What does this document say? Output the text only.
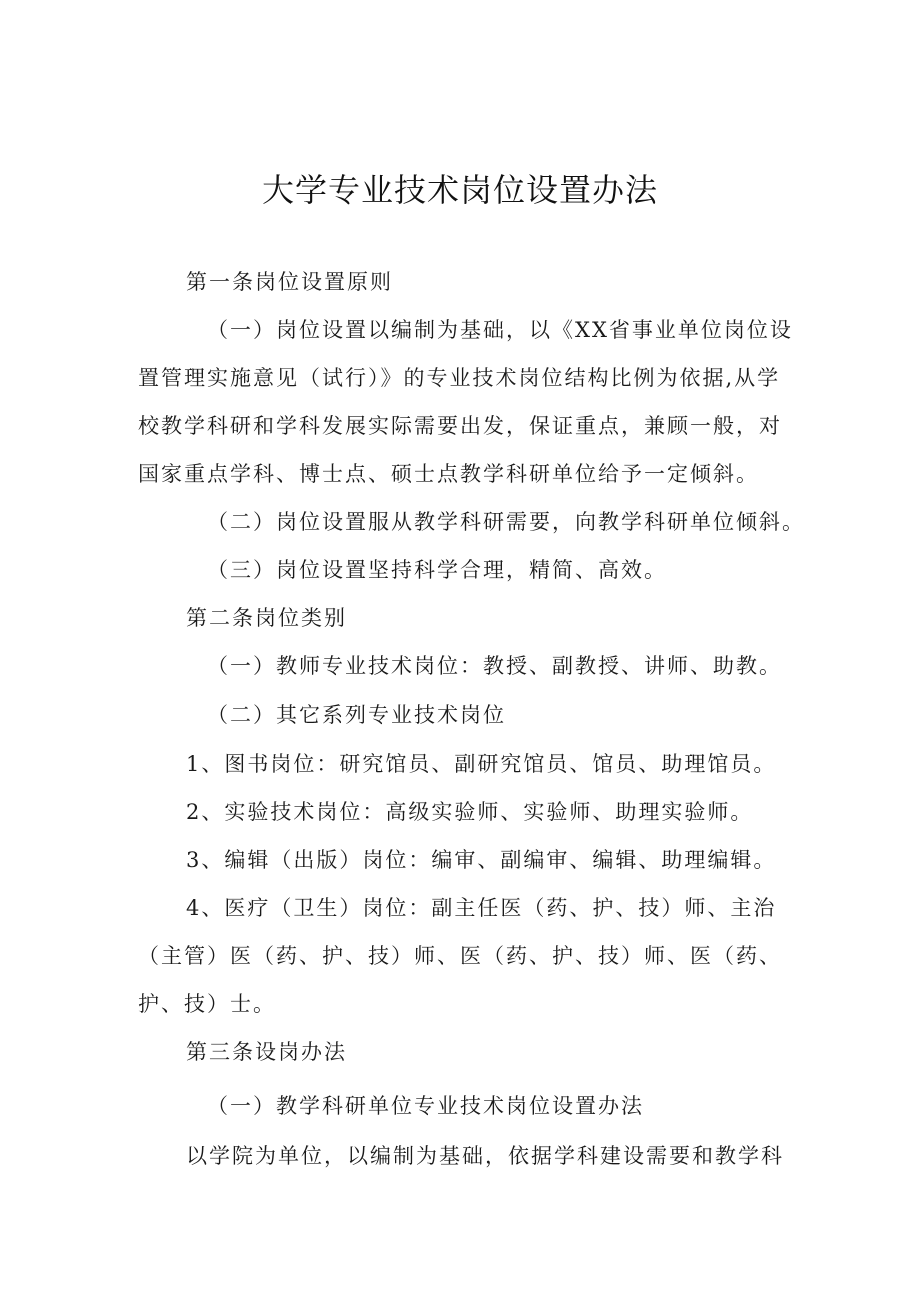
大学专业技术岗位设置办法

第一条岗位设置原则

（一）岗位设置以编制为基础，以《XX省事业单位岗位设

置管理实施意见（试行）》的专业技术岗位结构比例为依据,从学

校教学科研和学科发展实际需要出发，保证重点，兼顾一般，对

国家重点学科、博士点、硕士点教学科研单位给予一定倾斜。

（二）岗位设置服从教学科研需要，向教学科研单位倾斜。

（三）岗位设置坚持科学合理，精简、高效。

第二条岗位类别

（一）教师专业技术岗位：教授、副教授、讲师、助教。

（二）其它系列专业技术岗位

1、图书岗位：研究馆员、副研究馆员、馆员、助理馆员。

2、实验技术岗位：高级实验师、实验师、助理实验师。

3、编辑（出版）岗位：编审、副编审、编辑、助理编辑。

4、医疗（卫生）岗位：副主任医（药、护、技）师、主治

（主管）医（药、护、技）师、医（药、护、技）师、医（药、

护、技）士。

第三条设岗办法

（一）教学科研单位专业技术岗位设置办法

以学院为单位，以编制为基础，依据学科建设需要和教学科
